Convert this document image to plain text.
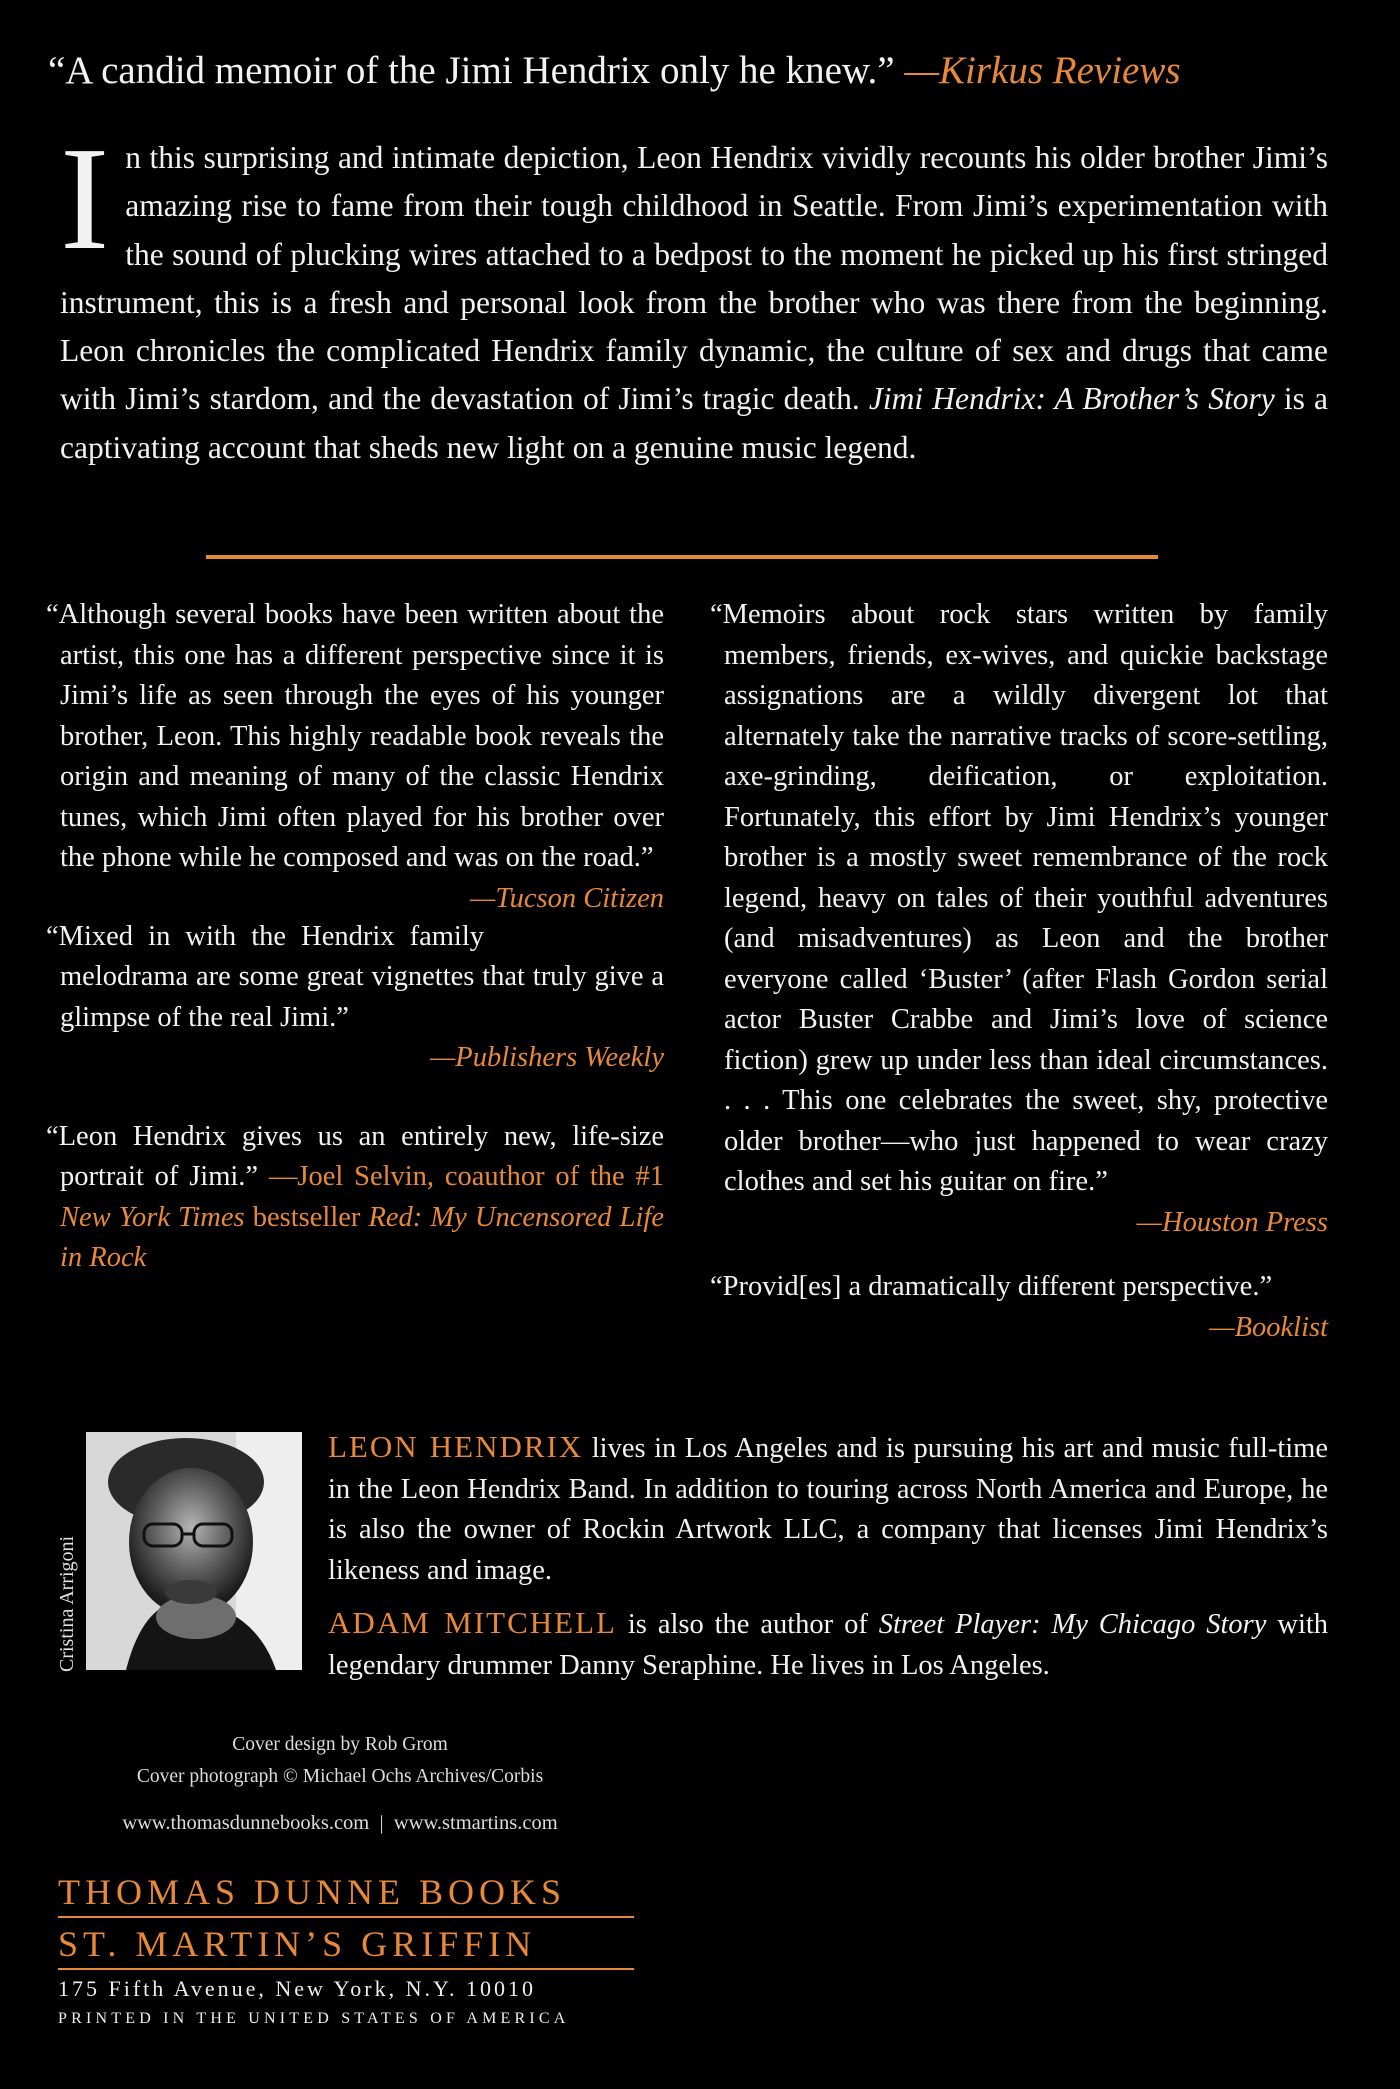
“A candid memoir of the Jimi Hendrix only he knew.” —Kirkus Reviews
I n this surprising and intimate depiction, Leon Hendrix vividly recounts his older brother Jimi’s amazing rise to fame from their tough childhood in Seattle. From Jimi’s experimentation with the sound of plucking wires attached to a bedpost to the moment he picked up his first stringed instrument, this is a fresh and personal look from the brother who was there from the beginning. Leon chronicles the complicated Hendrix family dynamic, the culture of sex and drugs that came with Jimi’s stardom, and the devastation of Jimi’s tragic death. Jimi Hendrix: A Brother’s Story is a captivating account that sheds new light on a genuine music legend.

“Although several books have been written about the artist, this one has a different perspective since it is Jimi’s life as seen through the eyes of his younger brother, Leon. This highly readable book reveals the origin and meaning of many of the classic Hendrix tunes, which Jimi often played for his brother over the phone while he composed and was on the road.”
—Tucson Citizen

“Mixed in with the Hendrix family melodrama are some great vignettes that truly give a glimpse of the real Jimi.”
—Publishers Weekly

“Leon Hendrix gives us an entirely new, life-size portrait of Jimi.” —Joel Selvin, coauthor of the #1 New York Times bestseller Red: My Uncensored Life in Rock

“Memoirs about rock stars written by family members, friends, ex-wives, and quickie backstage assignations are a wildly divergent lot that alternately take the narrative tracks of score-settling, axe-grinding, deification, or exploitation. Fortunately, this effort by Jimi Hendrix’s younger brother is a mostly sweet remembrance of the rock legend, heavy on tales of their youthful adventures (and misadventures) as Leon and the brother everyone called ‘Buster’ (after Flash Gordon serial actor Buster Crabbe and Jimi’s love of science fiction) grew up under less than ideal circumstances. . . . This one celebrates the sweet, shy, protective older brother—who just happened to wear crazy clothes and set his guitar on fire.”
—Houston Press

“Provid[es] a dramatically different perspective.”
—Booklist

Cristina Arrigoni

LEON HENDRIX lives in Los Angeles and is pursuing his art and music full-time in the Leon Hendrix Band. In addition to touring across North America and Europe, he is also the owner of Rockin Artwork LLC, a company that licenses Jimi Hendrix’s likeness and image.

ADAM MITCHELL is also the author of Street Player: My Chicago Story with legendary drummer Danny Seraphine. He lives in Los Angeles.

Cover design by Rob Grom
Cover photograph © Michael Ochs Archives/Corbis
www.thomasdunnebooks.com  |  www.stmartins.com
THOMAS DUNNE BOOKS
ST. MARTIN’S GRIFFIN
175 Fifth Avenue, New York, N.Y. 10010
PRINTED IN THE UNITED STATES OF AMERICA
